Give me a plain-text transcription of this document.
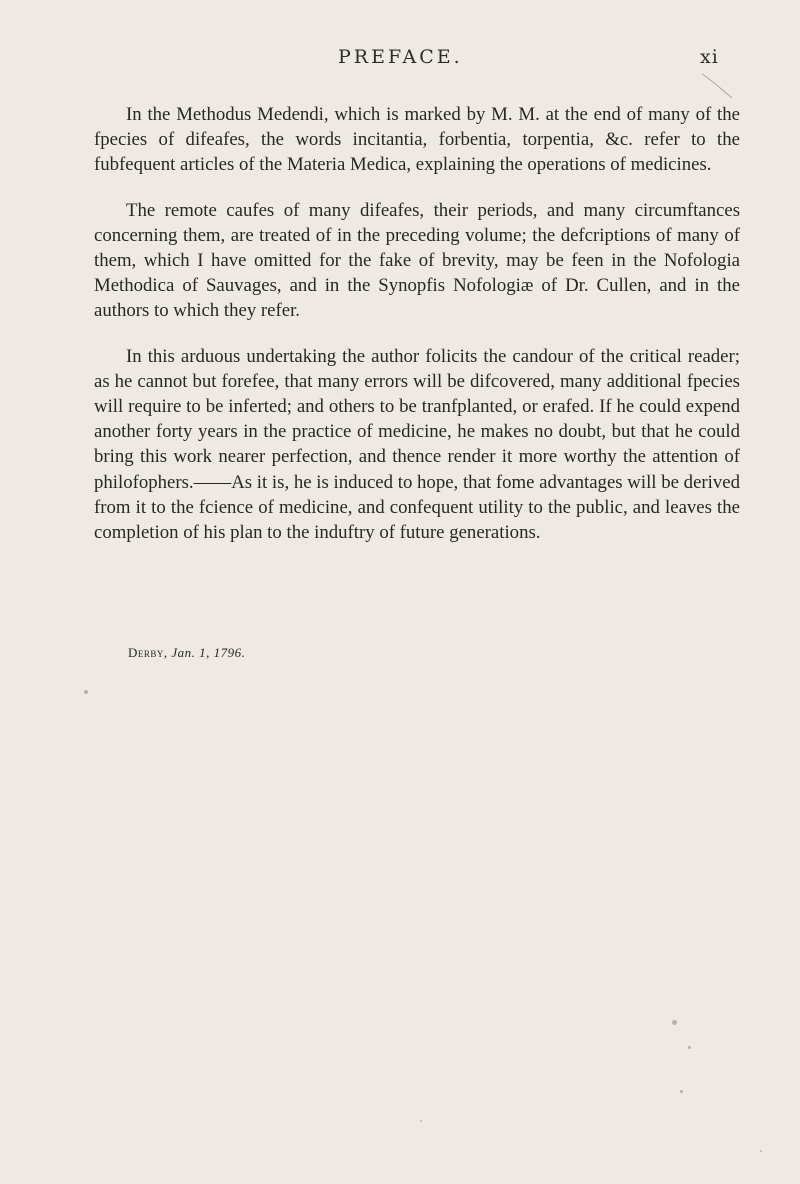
PREFACE.	xi

In the Methodus Medendi, which is marked by M. M. at the end of many of the fpecies of difeafes, the words incitantia, forbentia, torpentia, &c. refer to the fubfequent articles of the Materia Medica, explaining the operations of medicines.

The remote caufes of many difeafes, their periods, and many circumftances concerning them, are treated of in the preceding volume; the defcriptions of many of them, which I have omitted for the fake of brevity, may be feen in the Nofologia Methodica of Sauvages, and in the Synopfis Nofologiæ of Dr. Cullen, and in the authors to which they refer.

In this arduous undertaking the author folicits the candour of the critical reader; as he cannot but forefee, that many errors will be difcovered, many additional fpecies will require to be inferted; and others to be tranfplanted, or erafed. If he could expend another forty years in the practice of medicine, he makes no doubt, but that he could bring this work nearer perfection, and thence render it more worthy the attention of philofophers.——As it is, he is induced to hope, that fome advantages will be derived from it to the fcience of medicine, and confequent utility to the public, and leaves the completion of his plan to the induftry of future generations.

Derby, Jan. 1, 1796.
